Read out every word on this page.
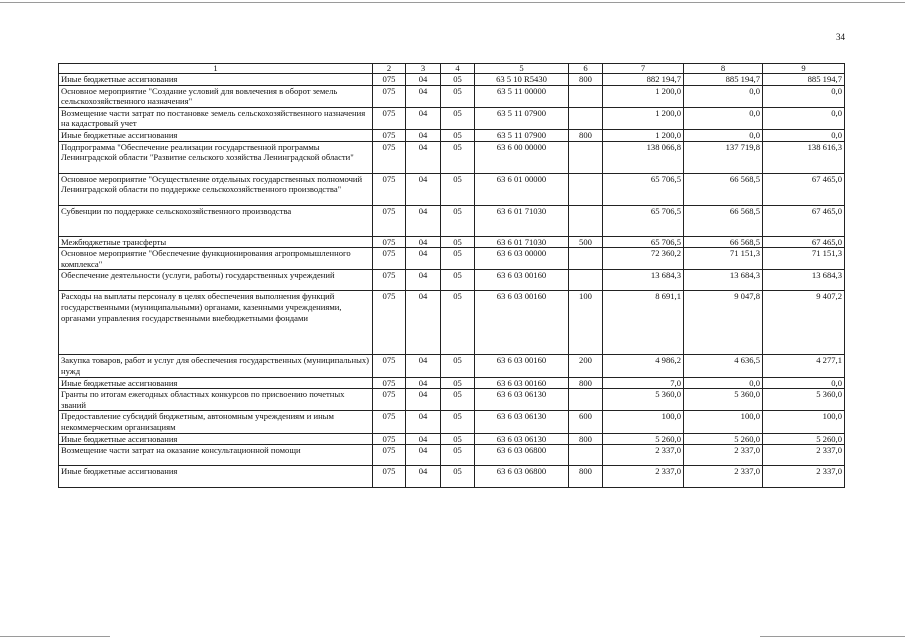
34
1	2	3	4	5	6	7	8	9
Иные бюджетные ассигнования	075	04	05	63 5 10 R5430	800	882 194,7	885 194,7	885 194,7
Основное мероприятие "Создание условий для вовлечения в оборот земель сельскохозяйственного назначения"	075	04	05	63 5 11 00000		1 200,0	0,0	0,0
Возмещение части затрат по постановке земель сельскохозяйственного назначения на кадастровый учет	075	04	05	63 5 11 07900		1 200,0	0,0	0,0
Иные бюджетные ассигнования	075	04	05	63 5 11 07900	800	1 200,0	0,0	0,0
Подпрограмма "Обеспечение реализации государственной программы Ленинградской области "Развитие сельского хозяйства Ленинградской области"	075	04	05	63 6 00 00000		138 066,8	137 719,8	138 616,3
Основное мероприятие "Осуществление отдельных государственных полномочий Ленинградской области по поддержке сельскохозяйственного производства"	075	04	05	63 6 01 00000		65 706,5	66 568,5	67 465,0
Субвенции по поддержке сельскохозяйственного производства	075	04	05	63 6 01 71030		65 706,5	66 568,5	67 465,0
Межбюджетные трансферты	075	04	05	63 6 01 71030	500	65 706,5	66 568,5	67 465,0
Основное мероприятие "Обеспечение функционирования агропромышленного комплекса"	075	04	05	63 6 03 00000		72 360,2	71 151,3	71 151,3
Обеспечение деятельности (услуги, работы) государственных учреждений	075	04	05	63 6 03 00160		13 684,3	13 684,3	13 684,3
Расходы на выплаты персоналу в целях обеспечения выполнения функций государственными (муниципальными) органами, казенными учреждениями, органами управления государственными внебюджетными фондами	075	04	05	63 6 03 00160	100	8 691,1	9 047,8	9 407,2
Закупка товаров, работ и услуг для обеспечения государственных (муниципальных) нужд	075	04	05	63 6 03 00160	200	4 986,2	4 636,5	4 277,1
Иные бюджетные ассигнования	075	04	05	63 6 03 00160	800	7,0	0,0	0,0
Гранты по итогам ежегодных областных конкурсов по присвоению почетных званий	075	04	05	63 6 03 06130		5 360,0	5 360,0	5 360,0
Предоставление субсидий бюджетным, автономным учреждениям и иным некоммерческим организациям	075	04	05	63 6 03 06130	600	100,0	100,0	100,0
Иные бюджетные ассигнования	075	04	05	63 6 03 06130	800	5 260,0	5 260,0	5 260,0
Возмещение части затрат на оказание консультационной помощи	075	04	05	63 6 03 06800		2 337,0	2 337,0	2 337,0
Иные бюджетные ассигнования	075	04	05	63 6 03 06800	800	2 337,0	2 337,0	2 337,0
